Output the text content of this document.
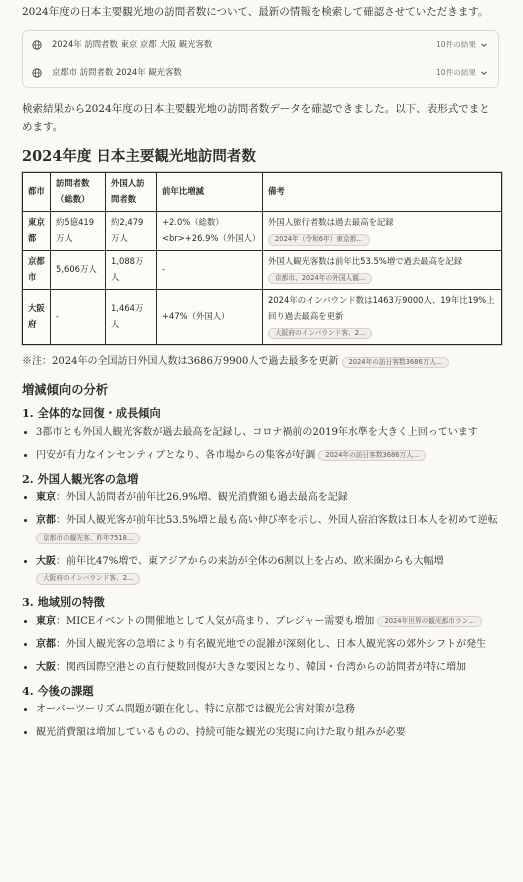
2024年度の日本主要観光地の訪問者数について、最新の情報を検索して確認させていただきます。

2024年 訪問者数 東京 京都 大阪 観光客数	10件の結果
京都市 訪問者数 2024年 観光客数	10件の結果

検索結果から2024年度の日本主要観光地の訪問者数データを確認できました。以下、表形式でまとめます。

2024年度 日本主要観光地訪問者数
都市	訪問者数（総数）	外国人訪問者数	前年比増減	備考
東京都	約5億419万人	約2,479万人	+2.0%（総数）<br>+26.9%（外国人）	外国人旅行者数は過去最高を記録
2024年（令和6年）東京都...
京都市	5,606万人	1,088万人	-	外国人観光客数は前年比53.5%増で過去最高を記録
京都市、2024年の外国人観...
大阪府	-	1,464万人	+47%（外国人）	2024年のインバウンド数は1463万9000人、19年比19%上回り過去最高を更新
大阪府のインバウンド客、2...

※注：2024年の全国訪日外国人数は3686万9900人で過去最多を更新 2024年の訪日客数3686万人...

増減傾向の分析
1. 全体的な回復・成長傾向
• 3都市とも外国人観光客数が過去最高を記録し、コロナ禍前の2019年水準を大きく上回っています
• 円安が有力なインセンティブとなり、各市場からの集客が好調 2024年の訪日客数3686万人...
2. 外国人観光客の急増
• 東京：外国人訪問者が前年比26.9%増、観光消費額も過去最高を記録
• 京都：外国人観光客が前年比53.5%増と最も高い伸び率を示し、外国人宿泊客数は日本人を初めて逆転 京都市の観光客、昨年7518...
• 大阪：前年比47%増で、東アジアからの来訪が全体の6割以上を占め、欧米圏からも大幅増 大阪府のインバウンド客、2...
3. 地域別の特徴
• 東京：MICEイベントの開催地として人気が高まり、ブレジャー需要も増加 2024年世界の観光都市ラン...
• 京都：外国人観光客の急増により有名観光地での混雑が深刻化し、日本人観光客の郊外シフトが発生
• 大阪：関西国際空港との直行便数回復が大きな要因となり、韓国・台湾からの訪問者が特に増加
4. 今後の課題
• オーバーツーリズム問題が顕在化し、特に京都では観光公害対策が急務
• 観光消費額は増加しているものの、持続可能な観光の実現に向けた取り組みが必要
